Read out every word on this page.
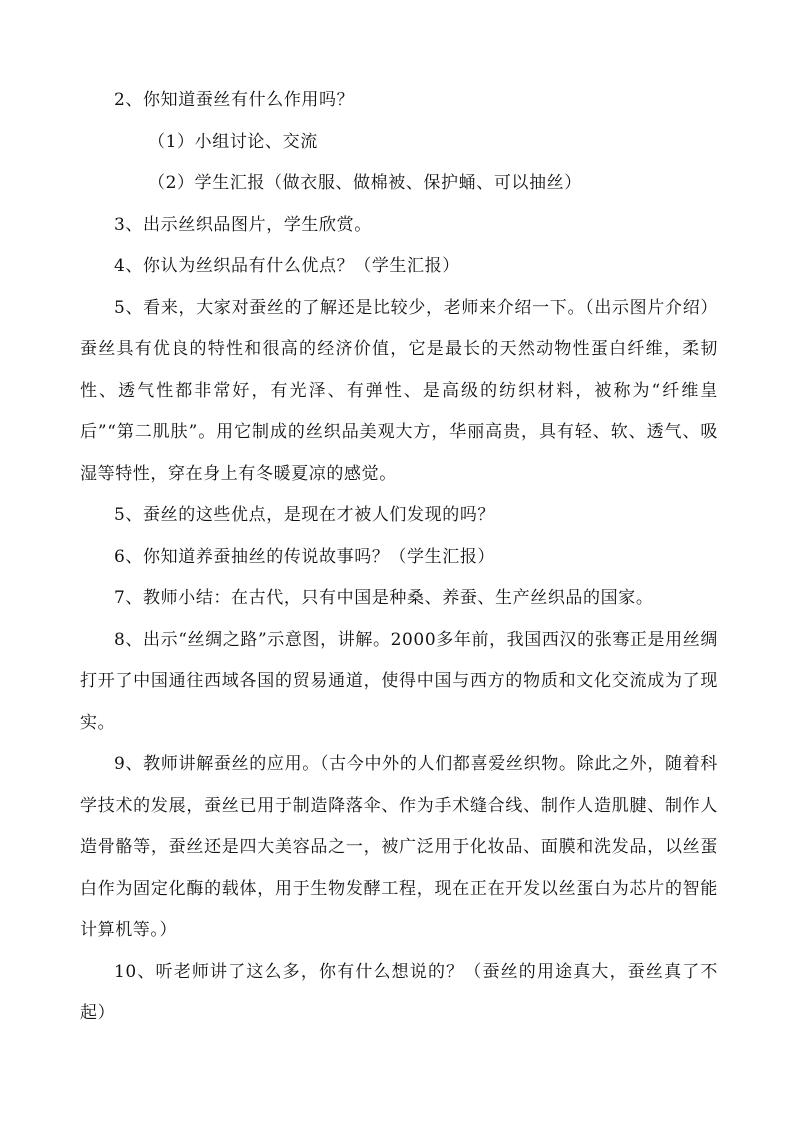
2、你知道蚕丝有什么作用吗？

（1）小组讨论、交流

（2）学生汇报（做衣服、做棉被、保护蛹、可以抽丝）

3、出示丝织品图片，学生欣赏。

4、你认为丝织品有什么优点？（学生汇报）

5、看来，大家对蚕丝的了解还是比较少，老师来介绍一下。（出示图片介绍）蚕丝具有优良的特性和很高的经济价值，它是最长的天然动物性蛋白纤维，柔韧性、透气性都非常好，有光泽、有弹性、是高级的纺织材料，被称为“纤维皇后”“第二肌肤”。用它制成的丝织品美观大方，华丽高贵，具有轻、软、透气、吸湿等特性，穿在身上有冬暖夏凉的感觉。

5、蚕丝的这些优点，是现在才被人们发现的吗？

6、你知道养蚕抽丝的传说故事吗？（学生汇报）

7、教师小结：在古代，只有中国是种桑、养蚕、生产丝织品的国家。

8、出示“丝绸之路”示意图，讲解。2000多年前，我国西汉的张骞正是用丝绸打开了中国通往西域各国的贸易通道，使得中国与西方的物质和文化交流成为了现实。

9、教师讲解蚕丝的应用。（古今中外的人们都喜爱丝织物。除此之外，随着科学技术的发展，蚕丝已用于制造降落伞、作为手术缝合线、制作人造肌腱、制作人造骨骼等，蚕丝还是四大美容品之一，被广泛用于化妆品、面膜和洗发品，以丝蛋白作为固定化酶的载体，用于生物发酵工程，现在正在开发以丝蛋白为芯片的智能计算机等。）

10、听老师讲了这么多，你有什么想说的？（蚕丝的用途真大，蚕丝真了不起）
